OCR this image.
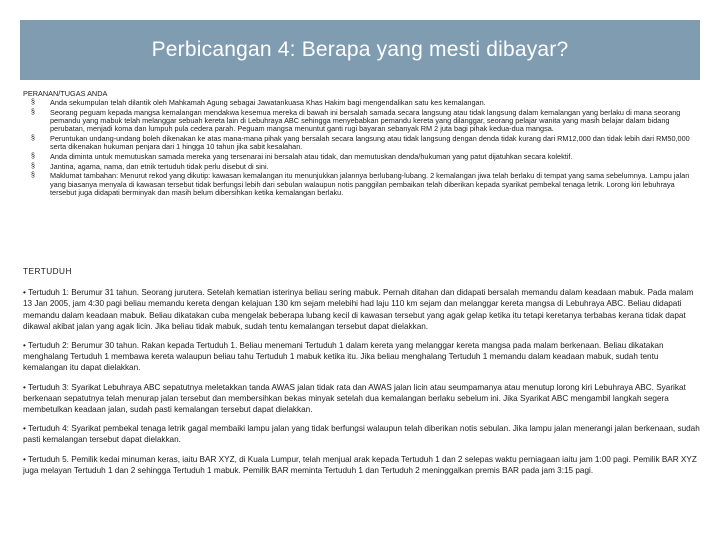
Perbicangan 4: Berapa yang mesti dibayar?
PERANAN/TUGAS ANDA
§ Anda sekumpulan telah dilantik oleh Mahkamah Agung sebagai Jawatankuasa Khas Hakim bagi mengendalikan satu kes kemalangan.
§ Seorang peguam kepada mangsa kemalangan mendakwa kesemua mereka di bawah ini bersalah samada secara langsung atau tidak langsung dalam kemalangan yang berlaku di mana seorang pemandu yang mabuk telah melanggar sebuah kereta lain di Lebuhraya ABC sehingga menyebabkan pemandu kereta yang dilanggar, seorang pelajar wanita yang masih belajar dalam bidang perubatan, menjadi koma dan lumpuh pula cedera parah. Peguam mangsa menuntut ganti rugi bayaran sebanyak RM 2 juta bagi pihak kedua-dua mangsa.
§ Peruntukan undang-undang boleh dikenakan ke atas mana-mana pihak yang bersalah secara langsung atau tidak langsung dengan denda tidak kurang dari RM12,000 dan tidak lebih dari RM50,000 serta dikenakan hukuman penjara dari 1 hingga 10 tahun jika sabit kesalahan.
§ Anda diminta untuk memutuskan samada mereka yang tersenarai ini bersalah atau tidak, dan memutuskan denda/hukuman yang patut dijatuhkan secara kolektif.
§ Jantina, agama, nama, dan etnik tertuduh tidak perlu disebut di sini.
§ Maklumat tambahan: Menurut rekod yang dikutip: kawasan kemalangan itu menunjukkan jalannya berlubang-lubang. 2 kemalangan jiwa telah berlaku di tempat yang sama sebelumnya. Lampu jalan yang biasanya menyala di kawasan tersebut tidak berfungsi lebih dari sebulan walaupun notis panggilan pembaikan telah diberikan kepada syarikat pembekal tenaga letrik. Lorong kiri lebuhraya tersebut juga didapati berminyak dan masih belum dibersihkan ketika kemalangan berlaku.
TERTUDUH

• Tertuduh 1: Berumur 31 tahun. Seorang jurutera. Setelah kematian isterinya beliau sering mabuk. Pernah ditahan dan didapati bersalah memandu dalam keadaan mabuk. Pada malam 13 Jan 2005, jam 4:30 pagi beliau memandu kereta dengan kelajuan 130 km sejam melebihi had laju 110 km sejam dan melanggar kereta mangsa di Lebuhraya ABC. Beliau didapati memandu dalam keadaan mabuk. Beliau dikatakan cuba mengelak beberapa lubang kecil di kawasan tersebut yang agak gelap ketika itu tetapi keretanya terbabas kerana tidak dapat dikawal akibat jalan yang agak licin. Jika beliau tidak mabuk, sudah tentu kemalangan tersebut dapat dielakkan.

• Tertuduh 2: Berumur 30 tahun. Rakan kepada Tertuduh 1. Beliau menemani Tertuduh 1 dalam kereta yang melanggar kereta mangsa pada malam berkenaan. Beliau dikatakan menghalang Tertuduh 1 membawa kereta walaupun beliau tahu Tertuduh 1 mabuk ketika itu. Jika beliau menghalang Tertuduh 1 memandu dalam keadaan mabuk, sudah tentu kemalangan itu dapat dielakkan.

• Tertuduh 3: Syarikat Lebuhraya ABC sepatutnya meletakkan tanda AWAS jalan tidak rata dan AWAS jalan licin atau seumpamanya atau menutup lorong kiri Lebuhraya ABC. Syarikat berkenaan sepatutnya telah menurap jalan tersebut dan membersihkan bekas minyak setelah dua kemalangan berlaku sebelum ini. Jika Syarikat ABC mengambil langkah segera membetulkan keadaan jalan, sudah pasti kemalangan tersebut dapat dielakkan.

• Tertuduh 4: Syarikat pembekal tenaga letrik gagal membaiki lampu jalan yang tidak berfungsi walaupun telah diberikan notis sebulan. Jika lampu jalan menerangi jalan berkenaan, sudah pasti kemalangan tersebut dapat dielakkan.

• Tertuduh 5. Pemilik kedai minuman keras, iaitu BAR XYZ, di Kuala Lumpur, telah menjual arak kepada Tertuduh 1 dan 2 selepas waktu perniagaan iaitu jam 1:00 pagi. Pemilik BAR XYZ juga melayan Tertuduh 1 dan 2 sehingga Tertuduh 1 mabuk. Pemilik BAR meminta Tertuduh 1 dan Tertuduh 2 meninggalkan premis BAR pada jam 3:15 pagi.
